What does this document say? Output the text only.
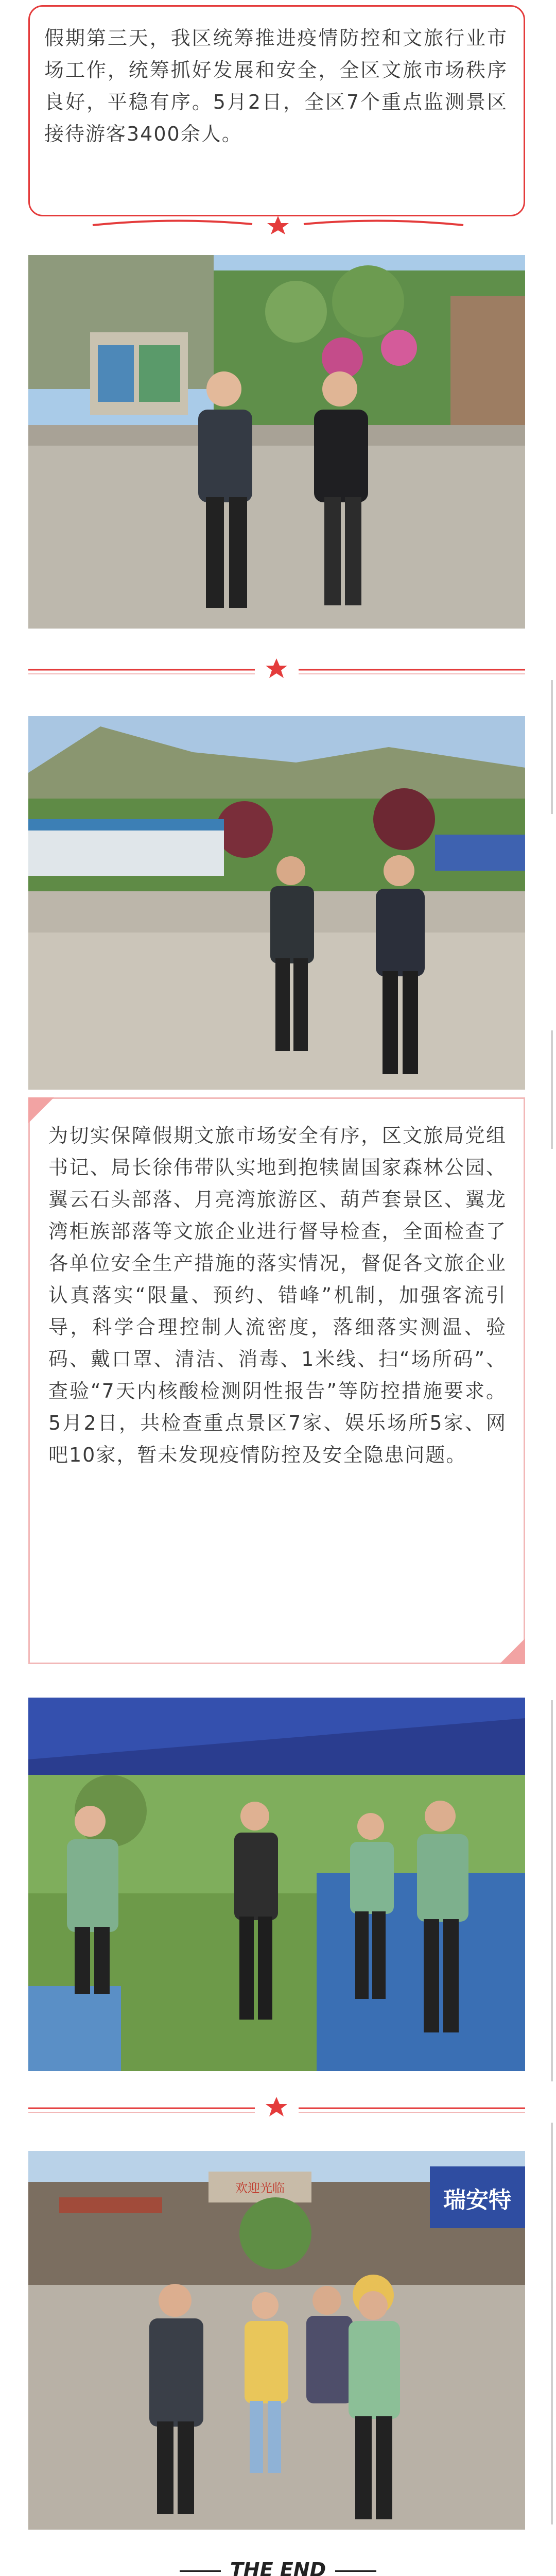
假期第三天，我区统筹推进疫情防控和文旅行业市场工作，统筹抓好发展和安全，全区文旅市场秩序良好，平稳有序。5月2日，全区7个重点监测景区接待游客3400余人。
为切实保障假期文旅市场安全有序，区文旅局党组书记、局长徐伟带队实地到抱犊崮国家森林公园、翼云石头部落、月亮湾旅游区、葫芦套景区、翼龙湾柜族部落等文旅企业进行督导检查，全面检查了各单位安全生产措施的落实情况，督促各文旅企业认真落实“限量、预约、错峰”机制，加强客流引导，科学合理控制人流密度，落细落实测温、验码、戴口罩、清洁、消毒、1米线、扫“场所码”、查验“7天内核酸检测阴性报告”等防控措施要求。5月2日，共检查重点景区7家、娱乐场所5家、网吧10家，暂未发现疫情防控及安全隐患问题。
欢迎光临	瑞安特
THE END
